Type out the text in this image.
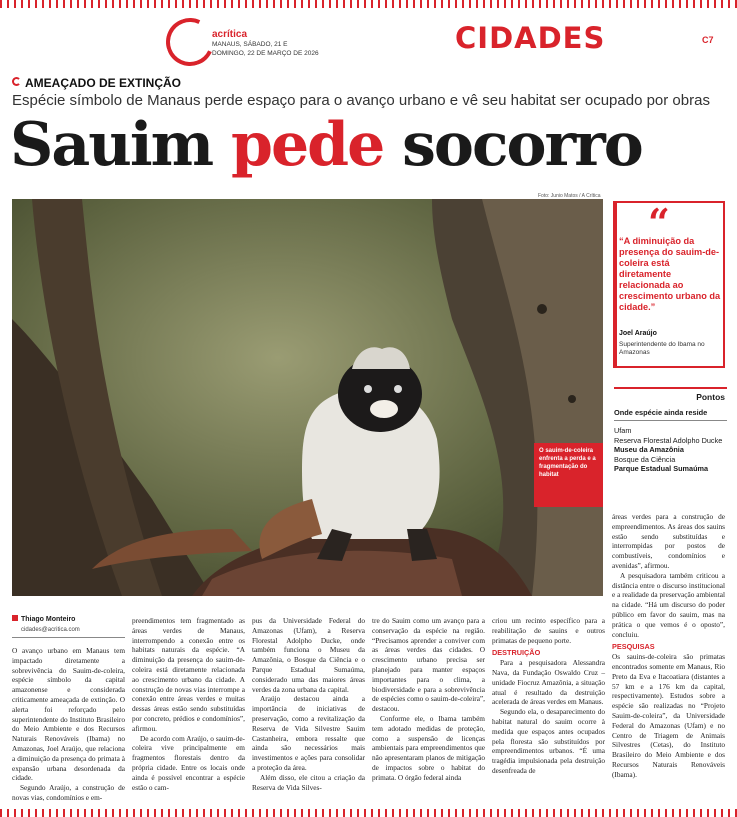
acrítica
MANAUS, SÁBADO, 21 E DOMINGO, 22 DE MARÇO DE 2026	CIDADES	C7
AMEAÇADO DE EXTINÇÃO
Espécie símbolo de Manaus perde espaço para o avanço urbano e vê seu habitat ser ocupado por obras
Sauim pede socorro
Foto: Junio Matos / A Crítica
O sauim-de-coleira enfrenta a perda e a fragmentação do habitat
“
“A diminuição da presença do sauim-de-coleira está diretamente relacionada ao crescimento urbano da cidade.”
Joel Araújo
Superintendente do Ibama no Amazonas
Pontos
Onde espécie ainda reside
Ufam
Reserva Florestal Adolpho Ducke
Museu da Amazônia
Bosque da Ciência
Parque Estadual Sumaúma
Thiago Monteiro
cidades@acritica.com

O avanço urbano em Manaus tem impactado diretamente a sobrevivência do Sauim-de-coleira, espécie símbolo da capital amazonense e considerada criticamente ameaçada de extinção. O alerta foi reforçado pelo superintendente do Instituto Brasileiro do Meio Ambiente e dos Recursos Naturais Renováveis (Ibama) no Amazonas, Joel Araújo, que relaciona a diminuição da presença do primata à expansão urbana desordenada da cidade.

Segundo Araújo, a construção de novas vias, condomínios e em-

preendimentos tem fragmentado as áreas verdes de Manaus, interrompendo a conexão entre os habitats naturais da espécie. “A diminuição da presença do sauim-de-coleira está diretamente relacionada ao crescimento urbano da cidade. A construção de novas vias interrompe a conexão entre áreas verdes e muitas dessas áreas estão sendo substituídas por concreto, prédios e condomínios”, afirmou.

De acordo com Araújo, o sauim-de-coleira vive principalmente em fragmentos florestais dentro da própria cidade. Entre os locais onde ainda é possível encontrar a espécie estão o cam-

pus da Universidade Federal do Amazonas (Ufam), a Reserva Florestal Adolpho Ducke, onde também funciona o Museu da Amazônia, o Bosque da Ciência e o Parque Estadual Sumaúma, considerado uma das maiores áreas verdes da zona urbana da capital.

Araújo destacou ainda a importância de iniciativas de preservação, como a revitalização da Reserva de Vida Silvestre Sauim Castanheira, embora ressalte que ainda são necessários mais investimentos e ações para consolidar a proteção da área.

Além disso, ele citou a criação da Reserva de Vida Silves-

tre do Sauim como um avanço para a conservação da espécie na região. “Precisamos aprender a conviver com as áreas verdes das cidades. O crescimento urbano precisa ser planejado para manter espaços importantes para o clima, a biodiversidade e para a sobrevivência de espécies como o sauim-de-coleira”, destacou.

Conforme ele, o Ibama também tem adotado medidas de proteção, como a suspensão de licenças ambientais para empreendimentos que não apresentaram planos de mitigação de impactos sobre o habitat do primata. O órgão federal ainda

criou um recinto específico para a reabilitação de sauins e outros primatas de pequeno porte.

DESTRUIÇÃO

Para a pesquisadora Alessandra Nava, da Fundação Oswaldo Cruz – unidade Fiocruz Amazônia, a situação atual é resultado da destruição acelerada de áreas verdes em Manaus.

Segundo ela, o desaparecimento do habitat natural do sauim ocorre à medida que espaços antes ocupados pela floresta são substituídos por empreendimentos urbanos. “É uma tragédia impulsionada pela destruição desenfreada de

áreas verdes para a construção de empreendimentos. As áreas dos sauins estão sendo substituídas e interrompidas por postos de combustíveis, condomínios e avenidas”, afirmou.

A pesquisadora também criticou a distância entre o discurso institucional e a realidade da preservação ambiental na cidade. “Há um discurso do poder público em favor do sauim, mas na prática o que vemos é o oposto”, concluiu.

PESQUISAS

Os sauins-de-coleira são primatas encontrados somente em Manaus, Rio Preto da Eva e Itacoatiara (distantes a 57 km e a 176 km da capital, respectivamente). Estudos sobre a espécie são realizadas no “Projeto Sauim-de-coleira”, da Universidade Federal do Amazonas (Ufam) e no Centro de Triagem de Animais Silvestres (Cetas), do Instituto Brasileiro do Meio Ambiente e dos Recursos Naturais Renováveis (Ibama).
